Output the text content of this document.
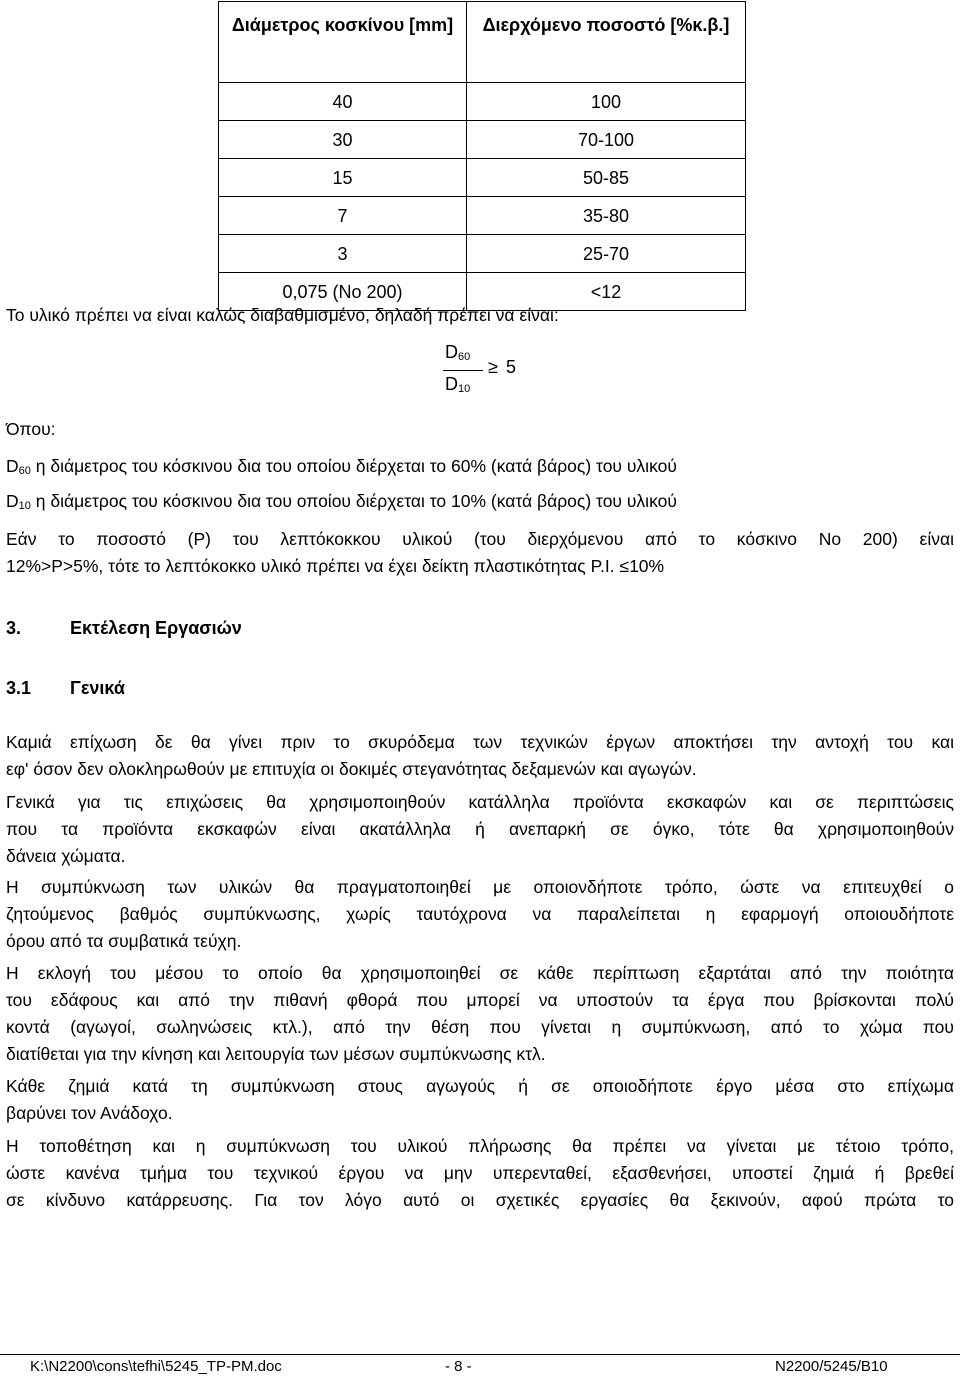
Διάμετρος κοσκίνου [mm]	Διερχόμενο ποσοστό [%κ.β.]
40	100
30	70-100
15	50-85
7	35-80
3	25-70
0,075 (No 200)	<12

Το υλικό πρέπει να είναι καλώς διαβαθμισμένο, δηλαδή πρέπει να είναι:

$D_{60}$
$D_{10}$
≥ 5

Όπου:

$D_{60}$ η διάμετρος του κόσκινου δια του οποίου διέρχεται το 60% (κατά βάρος) του υλικού

$D_{10}$ η διάμετρος του κόσκινου δια του οποίου διέρχεται το 10% (κατά βάρος) του υλικού

Εάν το ποσοστό (P) του λεπτόκοκκου υλικού (του διερχόμενου από το κόσκινο No 200) είναι

12%>P>5%, τότε το λεπτόκοκκο υλικό πρέπει να έχει δείκτη πλαστικότητας P.I. ≤10%

3.	Εκτέλεση Εργασιών
3.1 Γενικά
Καμιά επίχωση δε θα γίνει πριν το σκυρόδεμα των τεχνικών έργων αποκτήσει την αντοχή του και
εφ' όσον δεν ολοκληρωθούν με επιτυχία οι δοκιμές στεγανότητας δεξαμενών και αγωγών.
Γενικά για τις επιχώσεις θα χρησιμοποιηθούν κατάλληλα προϊόντα εκσκαφών και σε περιπτώσεις
που τα προϊόντα εκσκαφών είναι ακατάλληλα ή ανεπαρκή σε όγκο, τότε θα χρησιμοποιηθούν
δάνεια χώματα.
Η συμπύκνωση των υλικών θα πραγματοποιηθεί με οποιονδήποτε τρόπο, ώστε να επιτευχθεί ο
ζητούμενος βαθμός συμπύκνωσης, χωρίς ταυτόχρονα να παραλείπεται η εφαρμογή οποιουδήποτε
όρου από τα συμβατικά τεύχη.
Η εκλογή του μέσου το οποίο θα χρησιμοποιηθεί σε κάθε περίπτωση εξαρτάται από την ποιότητα
του εδάφους και από την πιθανή φθορά που μπορεί να υποστούν τα έργα που βρίσκονται πολύ
κοντά (αγωγοί, σωληνώσεις κτλ.), από την θέση που γίνεται η συμπύκνωση, από το χώμα που
διατίθεται για την κίνηση και λειτουργία των μέσων συμπύκνωσης κτλ.
Κάθε ζημιά κατά τη συμπύκνωση στους αγωγούς ή σε οποιοδήποτε έργο μέσα στο επίχωμα
βαρύνει τον Ανάδοχο.
Η τοποθέτηση και η συμπύκνωση του υλικού πλήρωσης θα πρέπει να γίνεται με τέτοιο τρόπο,
ώστε κανένα τμήμα του τεχνικού έργου να μην υπερενταθεί, εξασθενήσει, υποστεί ζημιά ή βρεθεί
σε κίνδυνο κατάρρευσης. Για τον λόγο αυτό οι σχετικές εργασίες θα ξεκινούν, αφού πρώτα το
K:\N2200\cons\tefhi\5245_TP-PM.doc	- 8 -	N2200/5245/B10
